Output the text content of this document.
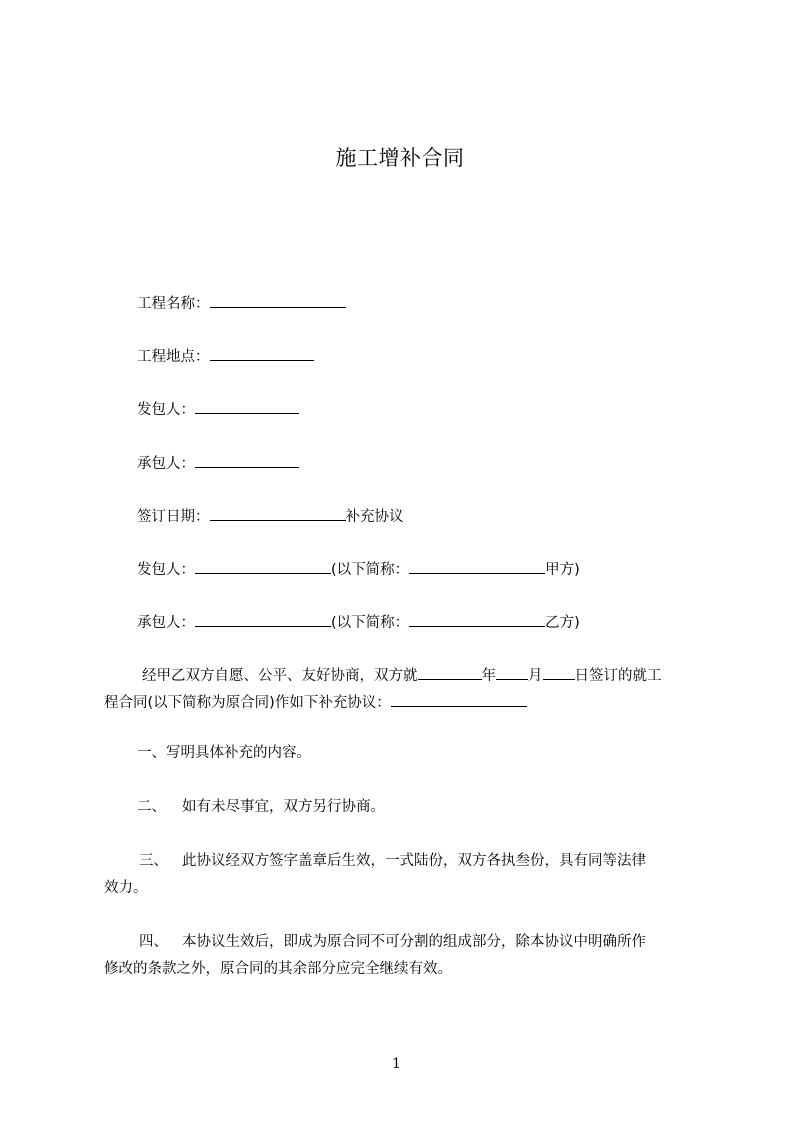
施工增补合同
工程名称：
工程地点：
发包人：
承包人：
签订日期：	补充协议
发包人：	(以下简称：	甲方)
承包人：	(以下简称：	乙方)
经甲乙双方自愿、公平、友好协商，双方就	年 月 日签订的就工
程合同(以下简称为原合同)作如下补充协议：
一、写明具体补充的内容。
二、 如有未尽事宜，双方另行协商。
三、 此协议经双方签字盖章后生效，一式陆份，双方各执叁份，具有同等法律
效力。
四、 本协议生效后，即成为原合同不可分割的组成部分，除本协议中明确所作
修改的条款之外，原合同的其余部分应完全继续有效。
1
